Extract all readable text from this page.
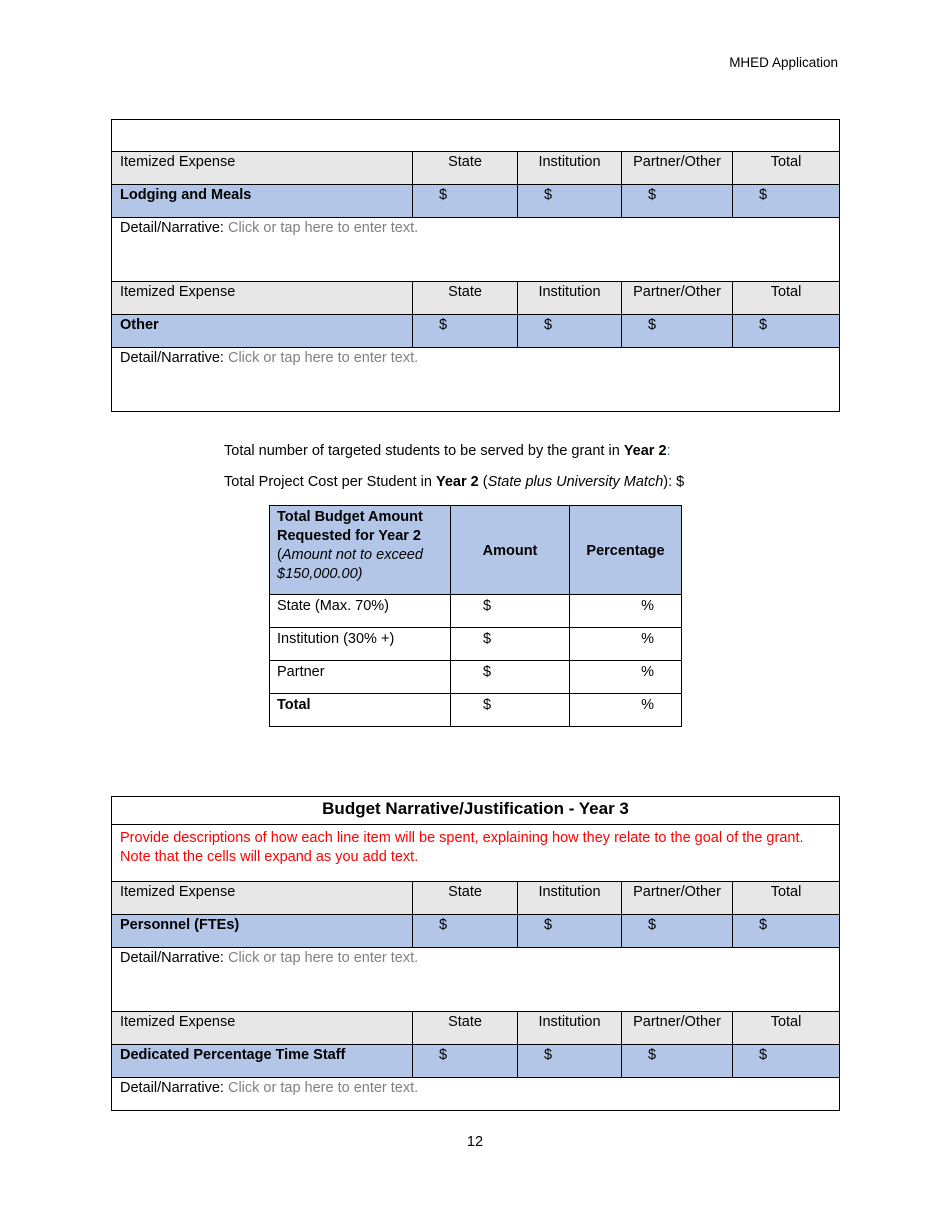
MHED Application

Itemized Expense	State	Institution	Partner/Other	Total
Lodging and Meals	$	$	$	$
Detail/Narrative: Click or tap here to enter text.				
Itemized Expense	State	Institution	Partner/Other	Total
Other	$	$	$	$
Detail/Narrative: Click or tap here to enter text.				
Total number of targeted students to be served by the grant in Year 2:
Total Project Cost per Student in Year 2 (State plus University Match): $
Total Budget Amount Requested for Year 2 (Amount not to exceed $150,000.00)	Amount	Percentage
State (Max. 70%)	$	%
Institution (30% +)	$	%
Partner	$	%
Total	$	%
Budget Narrative/Justification - Year 3				
Provide descriptions of how each line item will be spent, explaining how they relate to the goal of the grant. Note that the cells will expand as you add text.				
Itemized Expense	State	Institution	Partner/Other	Total
Personnel (FTEs)	$	$	$	$
Detail/Narrative: Click or tap here to enter text.				
Itemized Expense	State	Institution	Partner/Other	Total
Dedicated Percentage Time Staff	$	$	$	$
Detail/Narrative: Click or tap here to enter text.				
12
